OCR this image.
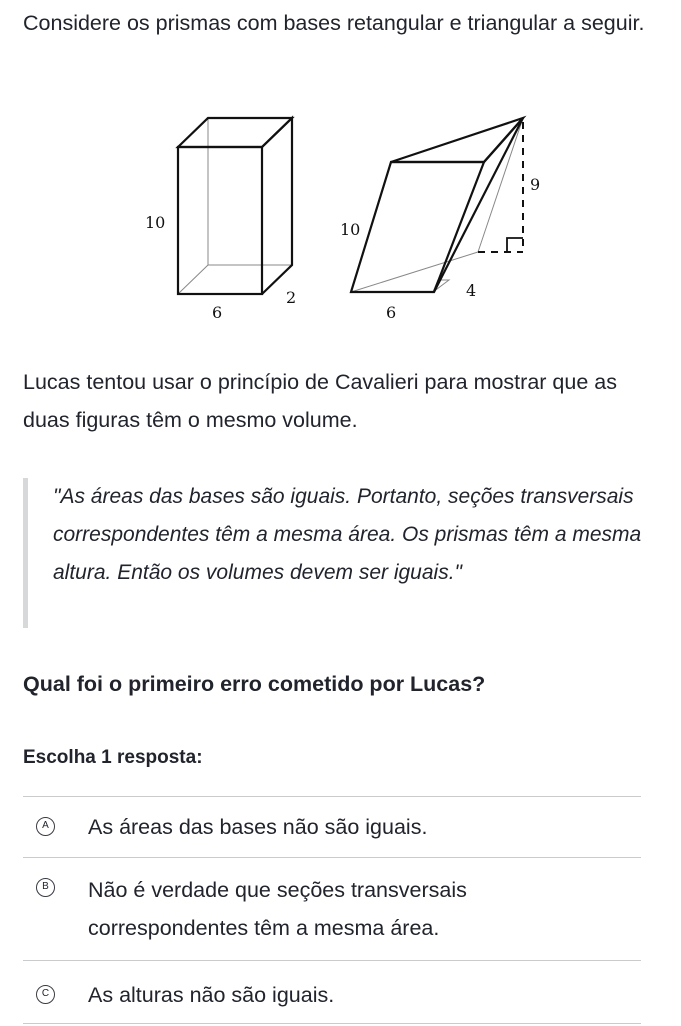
Considere os prismas com bases retangular e triangular a seguir.

10
6
2
9
10
4
6

Lucas tentou usar o princípio de Cavalieri para mostrar que as duas figuras têm o mesmo volume.

"As áreas das bases são iguais. Portanto, seções transversais correspondentes têm a mesma área. Os prismas têm a mesma altura. Então os volumes devem ser iguais."

Qual foi o primeiro erro cometido por Lucas?

Escolha 1 resposta:

A As áreas das bases não são iguais.
B Não é verdade que seções transversais correspondentes têm a mesma área.
C As alturas não são iguais.
